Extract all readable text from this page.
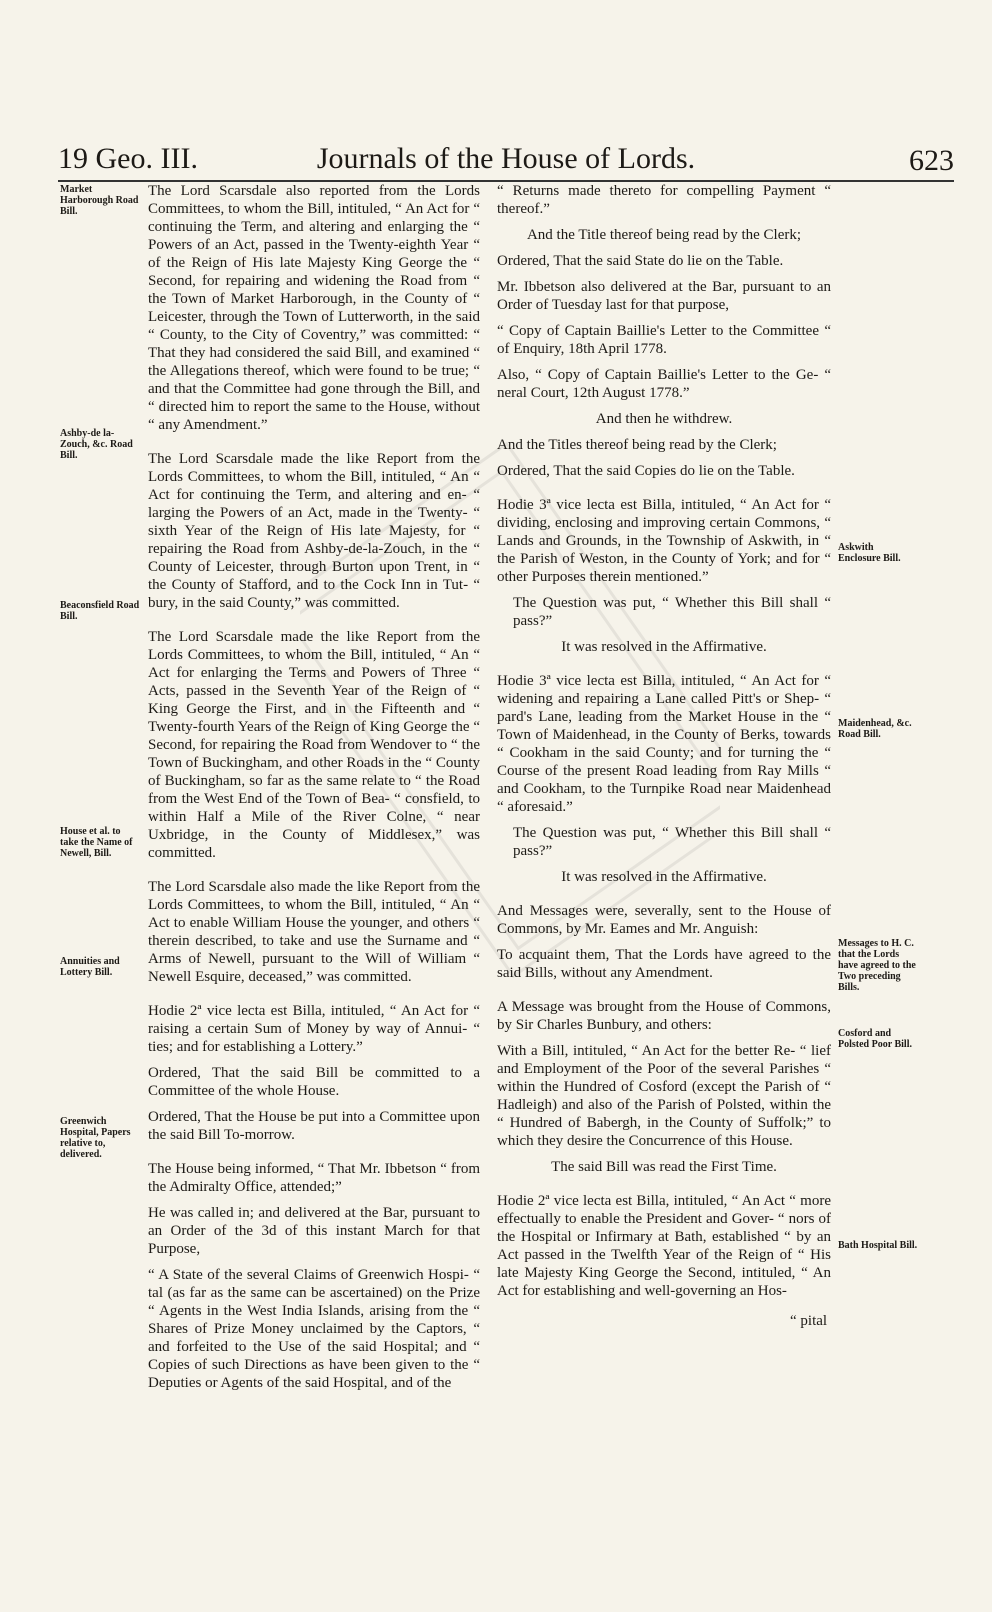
19 Geo. III.	Journals of the House of Lords.	623
Market Harborough Road Bill.
Ashby-de la-Zouch, &c. Road Bill.
Beaconsfield Road Bill.
House et al. to take the Name of Newell, Bill.
Annuities and Lottery Bill.
Greenwich Hospital, Papers relative to, delivered.
Askwith Enclosure Bill.
Maidenhead, &c. Road Bill.
Messages to H. C. that the Lords have agreed to the Two preceding Bills.
Cosford and Polsted Poor Bill.
Bath Hospital Bill.

The Lord Scarsdale also reported from the Lords Committees, to whom the Bill, intituled, “ An Act for “ continuing the Term, and altering and enlarging the “ Powers of an Act, passed in the Twenty-eighth Year “ of the Reign of His late Majesty King George the “ Second, for repairing and widening the Road from “ the Town of Market Harborough, in the County of “ Leicester, through the Town of Lutterworth, in the said “ County, to the City of Coventry,” was committed: “ That they had considered the said Bill, and examined “ the Allegations thereof, which were found to be true; “ and that the Committee had gone through the Bill, and “ directed him to report the same to the House, without “ any Amendment.”

The Lord Scarsdale made the like Report from the Lords Committees, to whom the Bill, intituled, “ An “ Act for continuing the Term, and altering and en- “ larging the Powers of an Act, made in the Twenty- “ sixth Year of the Reign of His late Majesty, for “ repairing the Road from Ashby-de-la-Zouch, in the “ County of Leicester, through Burton upon Trent, in “ the County of Stafford, and to the Cock Inn in Tut- “ bury, in the said County,” was committed.

The Lord Scarsdale made the like Report from the Lords Committees, to whom the Bill, intituled, “ An “ Act for enlarging the Terms and Powers of Three “ Acts, passed in the Seventh Year of the Reign of “ King George the First, and in the Fifteenth and “ Twenty-fourth Years of the Reign of King George the “ Second, for repairing the Road from Wendover to “ the Town of Buckingham, and other Roads in the “ County of Buckingham, so far as the same relate to “ the Road from the West End of the Town of Bea- “ consfield, to within Half a Mile of the River Colne, “ near Uxbridge, in the County of Middlesex,” was committed.

The Lord Scarsdale also made the like Report from the Lords Committees, to whom the Bill, intituled, “ An “ Act to enable William House the younger, and others “ therein described, to take and use the Surname and “ Arms of Newell, pursuant to the Will of William “ Newell Esquire, deceased,” was committed.

Hodie 2ª vice lecta est Billa, intituled, “ An Act for “ raising a certain Sum of Money by way of Annui- “ ties; and for establishing a Lottery.”

Ordered, That the said Bill be committed to a Committee of the whole House.

Ordered, That the House be put into a Committee upon the said Bill To-morrow.

The House being informed, “ That Mr. Ibbetson “ from the Admiralty Office, attended;”

He was called in; and delivered at the Bar, pursuant to an Order of the 3d of this instant March for that Purpose,

“ A State of the several Claims of Greenwich Hospi- “ tal (as far as the same can be ascertained) on the Prize “ Agents in the West India Islands, arising from the “ Shares of Prize Money unclaimed by the Captors, “ and forfeited to the Use of the said Hospital; and “ Copies of such Directions as have been given to the “ Deputies or Agents of the said Hospital, and of the

“ Returns made thereto for compelling Payment “ thereof.”

And the Title thereof being read by the Clerk;

Ordered, That the said State do lie on the Table.

Mr. Ibbetson also delivered at the Bar, pursuant to an Order of Tuesday last for that purpose,

“ Copy of Captain Baillie's Letter to the Committee “ of Enquiry, 18th April 1778.

Also, “ Copy of Captain Baillie's Letter to the Ge- “ neral Court, 12th August 1778.”

And then he withdrew.

And the Titles thereof being read by the Clerk;

Ordered, That the said Copies do lie on the Table.

Hodie 3ª vice lecta est Billa, intituled, “ An Act for “ dividing, enclosing and improving certain Commons, “ Lands and Grounds, in the Township of Askwith, in “ the Parish of Weston, in the County of York; and for “ other Purposes therein mentioned.”

The Question was put, “ Whether this Bill shall “ pass?”

It was resolved in the Affirmative.

Hodie 3ª vice lecta est Billa, intituled, “ An Act for “ widening and repairing a Lane called Pitt's or Shep- “ pard's Lane, leading from the Market House in the “ Town of Maidenhead, in the County of Berks, towards “ Cookham in the said County; and for turning the “ Course of the present Road leading from Ray Mills “ and Cookham, to the Turnpike Road near Maidenhead “ aforesaid.”

The Question was put, “ Whether this Bill shall “ pass?”

It was resolved in the Affirmative.

And Messages were, severally, sent to the House of Commons, by Mr. Eames and Mr. Anguish:

To acquaint them, That the Lords have agreed to the said Bills, without any Amendment.

A Message was brought from the House of Commons, by Sir Charles Bunbury, and others:

With a Bill, intituled, “ An Act for the better Re- “ lief and Employment of the Poor of the several Parishes “ within the Hundred of Cosford (except the Parish of “ Hadleigh) and also of the Parish of Polsted, within the “ Hundred of Babergh, in the County of Suffolk;” to which they desire the Concurrence of this House.

The said Bill was read the First Time.

Hodie 2ª vice lecta est Billa, intituled, “ An Act “ more effectually to enable the President and Gover- “ nors of the Hospital or Infirmary at Bath, established “ by an Act passed in the Twelfth Year of the Reign of “ His late Majesty King George the Second, intituled, “ An Act for establishing and well-governing an Hos-

“ pital
